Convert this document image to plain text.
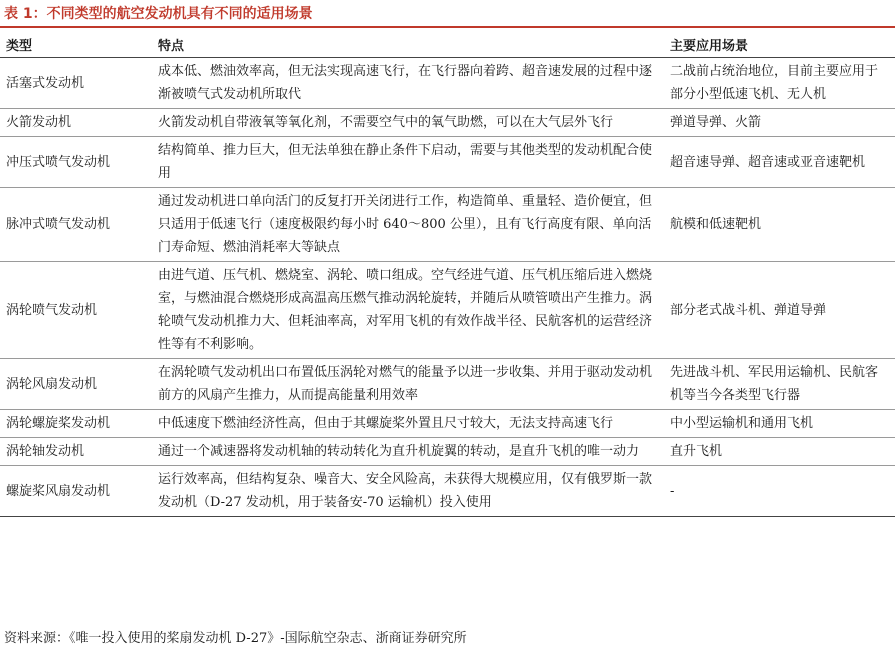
表 1：不同类型的航空发动机具有不同的适用场景
类型	特点	主要应用场景
活塞式发动机	成本低、燃油效率高，但无法实现高速飞行，在飞行器向着跨、超音速发展的过程中逐渐被喷气式发动机所取代	二战前占统治地位，目前主要应用于部分小型低速飞机、无人机
火箭发动机	火箭发动机自带液氧等氧化剂，不需要空气中的氧气助燃，可以在大气层外飞行	弹道导弹、火箭
冲压式喷气发动机	结构简单、推力巨大，但无法单独在静止条件下启动，需要与其他类型的发动机配合使用	超音速导弹、超音速或亚音速靶机
脉冲式喷气发动机	通过发动机进口单向活门的反复打开关闭进行工作，构造简单、重量轻、造价便宜，但只适用于低速飞行（速度极限约每小时 640～800 公里），且有飞行高度有限、单向活门寿命短、燃油消耗率大等缺点	航模和低速靶机
涡轮喷气发动机	由进气道、压气机、燃烧室、涡轮、喷口组成。空气经进气道、压气机压缩后进入燃烧室，与燃油混合燃烧形成高温高压燃气推动涡轮旋转，并随后从喷管喷出产生推力。涡轮喷气发动机推力大、但耗油率高，对军用飞机的有效作战半径、民航客机的运营经济性等有不利影响。	部分老式战斗机、弹道导弹
涡轮风扇发动机	在涡轮喷气发动机出口布置低压涡轮对燃气的能量予以进一步收集、并用于驱动发动机前方的风扇产生推力，从而提高能量利用效率	先进战斗机、军民用运输机、民航客机等当今各类型飞行器
涡轮螺旋桨发动机	中低速度下燃油经济性高，但由于其螺旋桨外置且尺寸较大，无法支持高速飞行	中小型运输机和通用飞机
涡轮轴发动机	通过一个减速器将发动机轴的转动转化为直升机旋翼的转动，是直升飞机的唯一动力	直升飞机
螺旋桨风扇发动机	运行效率高，但结构复杂、噪音大、安全风险高，未获得大规模应用，仅有俄罗斯一款发动机（D-27 发动机，用于装备安-70 运输机）投入使用	-
资料来源：《唯一投入使用的桨扇发动机 D-27》-国际航空杂志、浙商证券研究所
